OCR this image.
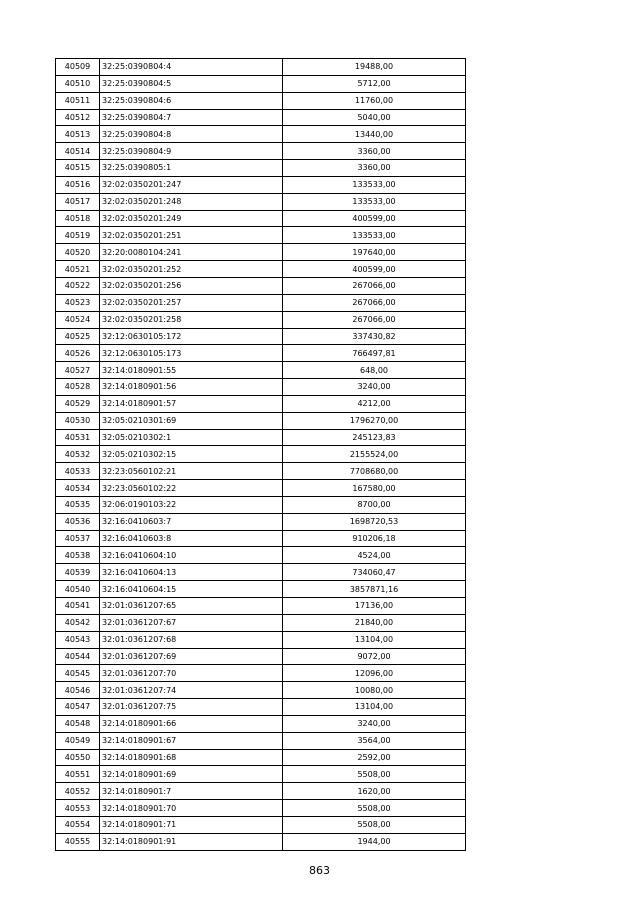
40509	32:25:0390804:4	19488,00
40510	32:25:0390804:5	5712,00
40511	32:25:0390804:6	11760,00
40512	32:25:0390804:7	5040,00
40513	32:25:0390804:8	13440,00
40514	32:25:0390804:9	3360,00
40515	32:25:0390805:1	3360,00
40516	32:02:0350201:247	133533,00
40517	32:02:0350201:248	133533,00
40518	32:02:0350201:249	400599,00
40519	32:02:0350201:251	133533,00
40520	32:20:0080104:241	197640,00
40521	32:02:0350201:252	400599,00
40522	32:02:0350201:256	267066,00
40523	32:02:0350201:257	267066,00
40524	32:02:0350201:258	267066,00
40525	32:12:0630105:172	337430,82
40526	32:12:0630105:173	766497,81
40527	32:14:0180901:55	648,00
40528	32:14:0180901:56	3240,00
40529	32:14:0180901:57	4212,00
40530	32:05:0210301:69	1796270,00
40531	32:05:0210302:1	245123,83
40532	32:05:0210302:15	2155524,00
40533	32:23:0560102:21	7708680,00
40534	32:23:0560102:22	167580,00
40535	32:06:0190103:22	8700,00
40536	32:16:0410603:7	1698720,53
40537	32:16:0410603:8	910206,18
40538	32:16:0410604:10	4524,00
40539	32:16:0410604:13	734060,47
40540	32:16:0410604:15	3857871,16
40541	32:01:0361207:65	17136,00
40542	32:01:0361207:67	21840,00
40543	32:01:0361207:68	13104,00
40544	32:01:0361207:69	9072,00
40545	32:01:0361207:70	12096,00
40546	32:01:0361207:74	10080,00
40547	32:01:0361207:75	13104,00
40548	32:14:0180901:66	3240,00
40549	32:14:0180901:67	3564,00
40550	32:14:0180901:68	2592,00
40551	32:14:0180901:69	5508,00
40552	32:14:0180901:7	1620,00
40553	32:14:0180901:70	5508,00
40554	32:14:0180901:71	5508,00
40555	32:14:0180901:91	1944,00
863
